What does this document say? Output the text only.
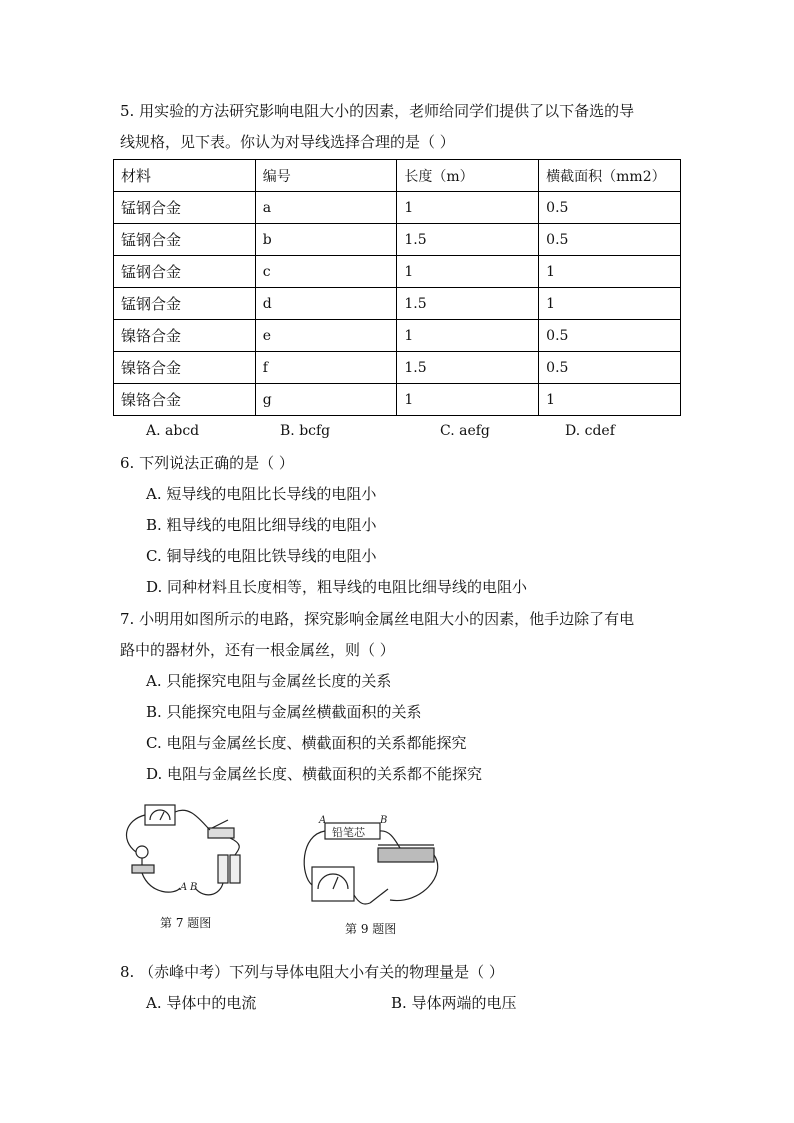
5. 用实验的方法研究影响电阻大小的因素，老师给同学们提供了以下备选的导
线规格，见下表。你认为对导线选择合理的是（ ）
材料	编号	长度（m）	横截面积（mm2）
锰钢合金	a	1	0.5
锰钢合金	b	1.5	0.5
锰钢合金	c	1	1
锰钢合金	d	1.5	1
镍铬合金	e	1	0.5
镍铬合金	f	1.5	0.5
镍铬合金	g	1	1
A. abcd	B. bcfg	C. aefg	D. cdef
6. 下列说法正确的是（ ）
A. 短导线的电阻比长导线的电阻小
B. 粗导线的电阻比细导线的电阻小
C. 铜导线的电阻比铁导线的电阻小
D. 同种材料且长度相等，粗导线的电阻比细导线的电阻小
7. 小明用如图所示的电路，探究影响金属丝电阻大小的因素，他手边除了有电
路中的器材外，还有一根金属丝，则（ ）
A. 只能探究电阻与金属丝长度的关系
B. 只能探究电阻与金属丝横截面积的关系
C. 电阻与金属丝长度、横截面积的关系都能探究
D. 电阻与金属丝长度、横截面积的关系都不能探究
A B
第 7 题图
A	B
铅笔芯
第 9 题图
8. （赤峰中考）下列与导体电阻大小有关的物理量是（ ）
A. 导体中的电流	B. 导体两端的电压
